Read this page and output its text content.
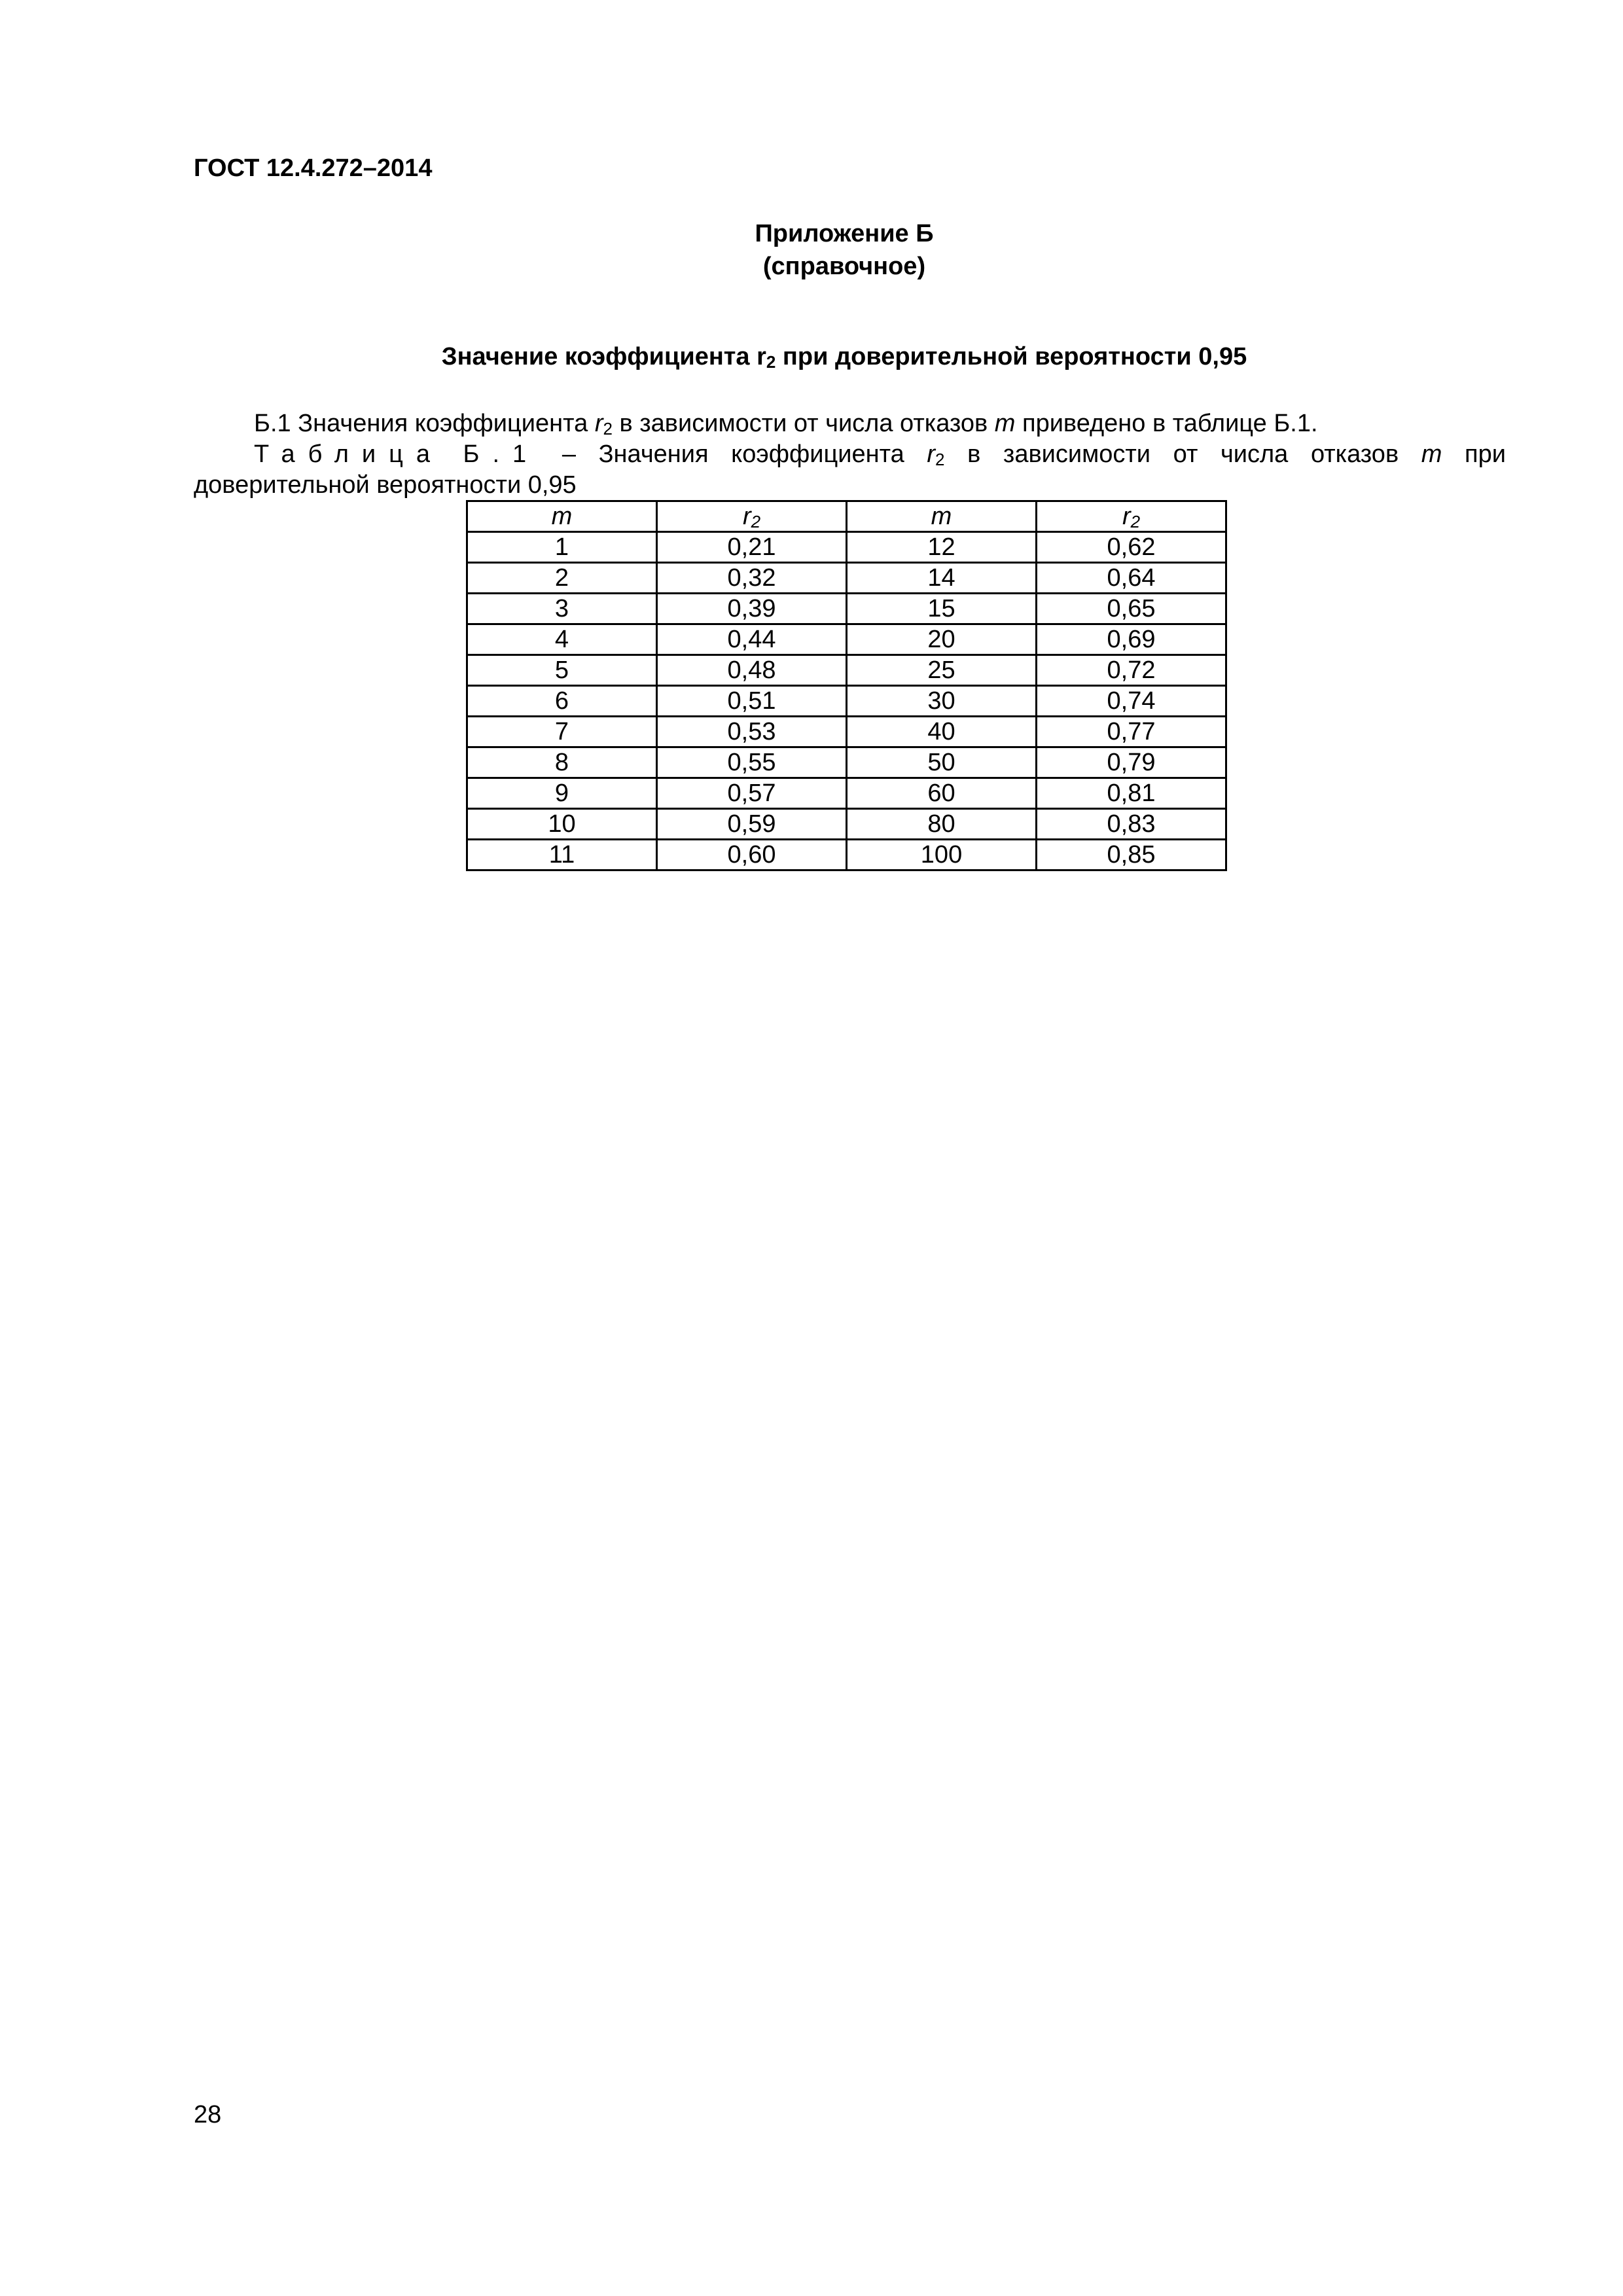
ГОСТ 12.4.272–2014
Приложение Б
(справочное)
Значение коэффициента $r_2$ при доверительной вероятности 0,95
Б.1 Значения коэффициента $r_2$ в зависимости от числа отказов m приведено в таблице Б.1.
Таблица Б.1 – Значения коэффициента $r_2$ в зависимости от числа отказов m при
доверительной вероятности 0,95
m	$r_2$	m	$r_2$
1	0,21	12	0,62
2	0,32	14	0,64
3	0,39	15	0,65
4	0,44	20	0,69
5	0,48	25	0,72
6	0,51	30	0,74
7	0,53	40	0,77
8	0,55	50	0,79
9	0,57	60	0,81
10	0,59	80	0,83
11	0,60	100	0,85
28
